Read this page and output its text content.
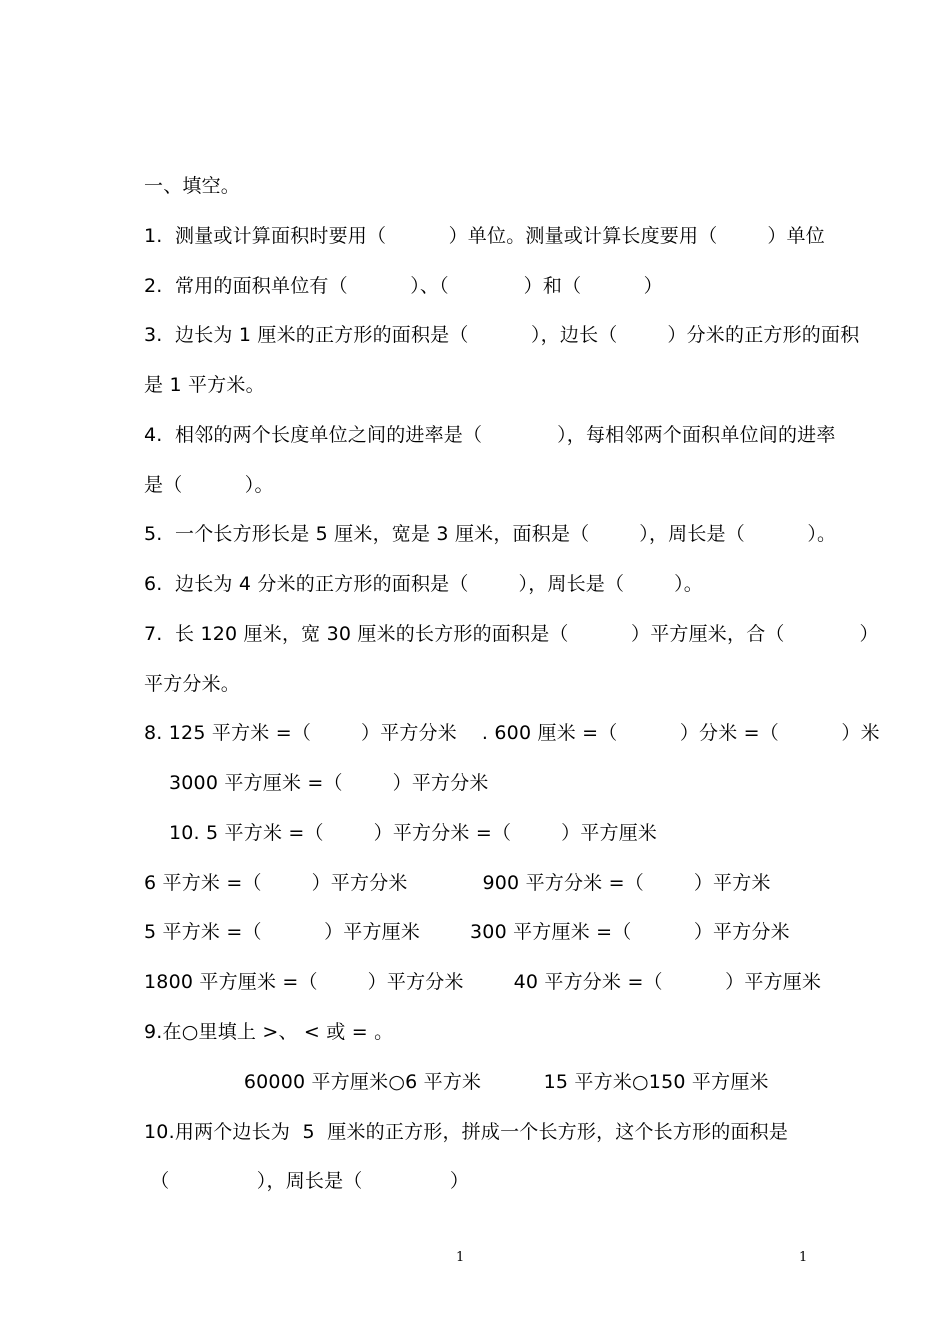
一、填空。
1.  测量或计算面积时要用（          ）单位。测量或计算长度要用（        ）单位
2.  常用的面积单位有（          ）、（            ）和（          ）
3.  边长为 1 厘米的正方形的面积是（          ），边长（        ）分米的正方形的面积
是 1 平方米。
4.  相邻的两个长度单位之间的进率是（            ），每相邻两个面积单位间的进率
是（          ）。
5.  一个长方形长是 5 厘米，宽是 3 厘米，面积是（        ），周长是（          ）。
6.  边长为 4 分米的正方形的面积是（        ），周长是（        ）。
7.  长 120 厘米，宽 30 厘米的长方形的面积是（          ）平方厘米，合（            ）
平方分米。
8. 125 平方米 =（        ）平方分米    . 600 厘米 =（          ）分米 =（          ）米
3000 平方厘米 =（        ）平方分米
10. 5 平方米 =（        ）平方分米 =（        ）平方厘米
6 平方米 =（        ）平方分米            900 平方分米 =（        ）平方米
5 平方米 =（          ）平方厘米        300 平方厘米 =（          ）平方分米
1800 平方厘米 =（        ）平方分米        40 平方分米 =（          ）平方厘米
9.在○里填上 >、 < 或 = 。
60000 平方厘米○6 平方米          15 平方米○150 平方厘米
10.用两个边长为  5  厘米的正方形，拼成一个长方形，这个长方形的面积是
（              ），周长是（              ）
1	1
